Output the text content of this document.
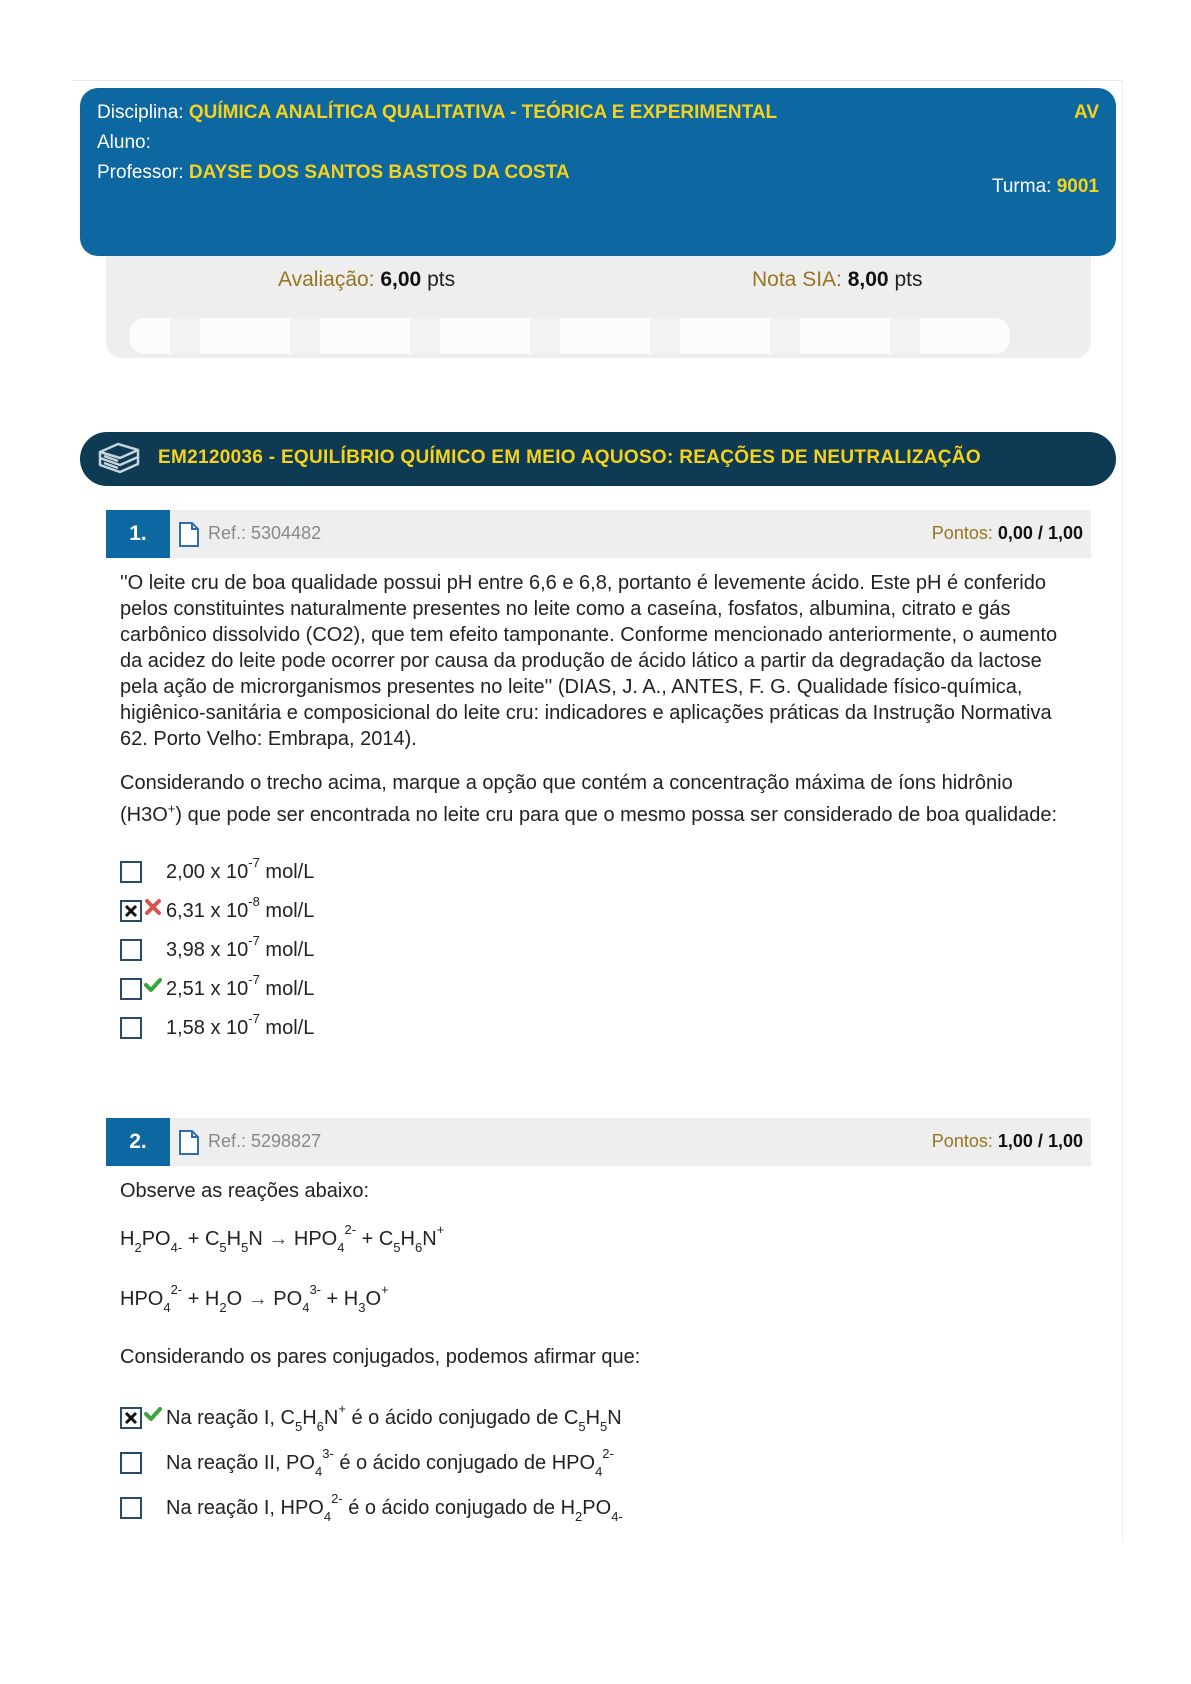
Disciplina: QUÍMICA ANALÍTICA QUALITATIVA - TEÓRICA E EXPERIMENTAL	AV
Aluno:
Professor: DAYSE DOS SANTOS BASTOS DA COSTA
Turma: 9001
Avaliação: 6,00 pts	Nota SIA: 8,00 pts
EM2120036 - EQUILÍBRIO QUÍMICO EM MEIO AQUOSO: REAÇÕES DE NEUTRALIZAÇÃO
1.	Ref.: 5304482	Pontos: 0,00 / 1,00
''O leite cru de boa qualidade possui pH entre 6,6 e 6,8, portanto é levemente ácido. Este pH é conferido pelos constituintes naturalmente presentes no leite como a caseína, fosfatos, albumina, citrato e gás carbônico dissolvido (CO2), que tem efeito tamponante. Conforme mencionado anteriormente, o aumento da acidez do leite pode ocorrer por causa da produção de ácido lático a partir da degradação da lactose pela ação de microrganismos presentes no leite'' (DIAS, J. A., ANTES, F. G. Qualidade físico-química, higiênico-sanitária e composicional do leite cru: indicadores e aplicações práticas da Instrução Normativa 62. Porto Velho: Embrapa, 2014).
Considerando o trecho acima, marque a opção que contém a concentração máxima de íons hidrônio
(H3O+) que pode ser encontrada no leite cru para que o mesmo possa ser considerado de boa qualidade:
2,00 x $10^{-7}$ mol/L
6,31 x $10^{-8}$ mol/L
3,98 x $10^{-7}$ mol/L
2,51 x $10^{-7}$ mol/L
1,58 x $10^{-7}$ mol/L
2.	Ref.: 5298827	Pontos: 1,00 / 1,00
Observe as reações abaixo:
$H_2PO_{4-} + C_5H_5N \to HPO_4^{2-} + C_5H_6N^+$
$HPO_4^{2-} + H_2O \to PO_4^{3-} + H_3O^+$
Considerando os pares conjugados, podemos afirmar que:
Na reação I, $C_5H_6N^+$ é o ácido conjugado de $C_5H_5N$
Na reação II, $PO_4^{3-}$ é o ácido conjugado de $HPO_4^{2-}$
Na reação I, $HPO_4^{2-}$ é o ácido conjugado de $H_2PO_{4-}$
